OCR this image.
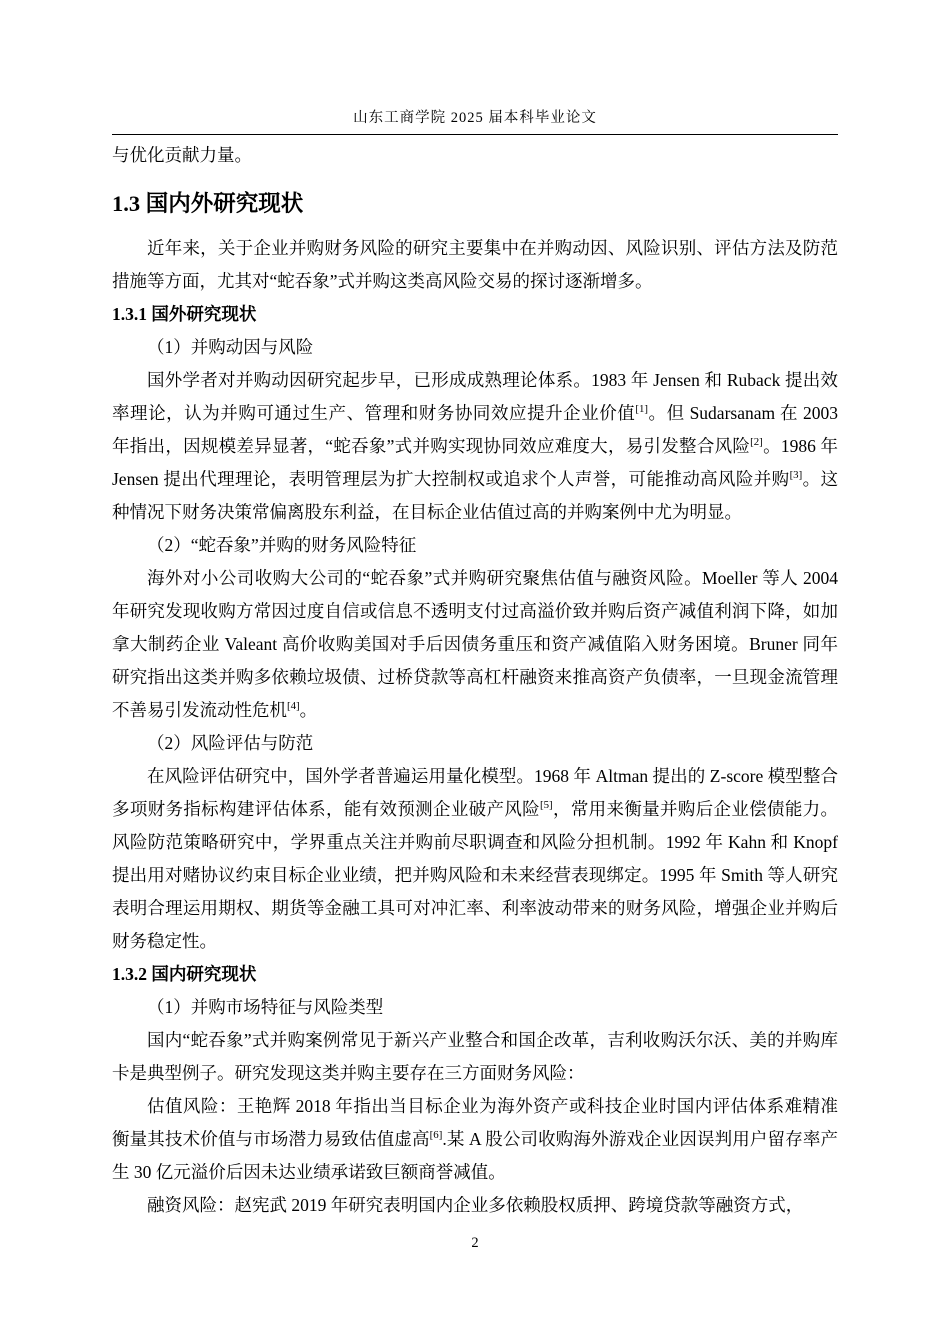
山东工商学院 2025 届本科毕业论文

与优化贡献力量。

1.3 国内外研究现状

近年来，关于企业并购财务风险的研究主要集中在并购动因、风险识别、评估方法及防范措施等方面，尤其对“蛇吞象”式并购这类高风险交易的探讨逐渐增多。

1.3.1 国外研究现状

（1）并购动因与风险

国外学者对并购动因研究起步早，已形成成熟理论体系。1983 年 Jensen 和 Ruback 提出效率理论，认为并购可通过生产、管理和财务协同效应提升企业价值[1]。但 Sudarsanam 在 2003 年指出，因规模差异显著，“蛇吞象”式并购实现协同效应难度大，易引发整合风险[2]。1986 年 Jensen 提出代理理论，表明管理层为扩大控制权或追求个人声誉，可能推动高风险并购[3]。这种情况下财务决策常偏离股东利益，在目标企业估值过高的并购案例中尤为明显。

（2）“蛇吞象”并购的财务风险特征

海外对小公司收购大公司的“蛇吞象”式并购研究聚焦估值与融资风险。Moeller 等人 2004 年研究发现收购方常因过度自信或信息不透明支付过高溢价致并购后资产减值利润下降，如加拿大制药企业 Valeant 高价收购美国对手后因债务重压和资产减值陷入财务困境。Bruner 同年研究指出这类并购多依赖垃圾债、过桥贷款等高杠杆融资来推高资产负债率，一旦现金流管理不善易引发流动性危机[4]。

（2）风险评估与防范

在风险评估研究中，国外学者普遍运用量化模型。1968 年 Altman 提出的 Z-score 模型整合多项财务指标构建评估体系，能有效预测企业破产风险[5]，常用来衡量并购后企业偿债能力。风险防范策略研究中，学界重点关注并购前尽职调查和风险分担机制。1992 年 Kahn 和 Knopf 提出用对赌协议约束目标企业业绩，把并购风险和未来经营表现绑定。1995 年 Smith 等人研究表明合理运用期权、期货等金融工具可对冲汇率、利率波动带来的财务风险，增强企业并购后财务稳定性。

1.3.2 国内研究现状

（1）并购市场特征与风险类型

国内“蛇吞象”式并购案例常见于新兴产业整合和国企改革，吉利收购沃尔沃、美的并购库卡是典型例子。研究发现这类并购主要存在三方面财务风险：

估值风险：王艳辉 2018 年指出当目标企业为海外资产或科技企业时国内评估体系难精准衡量其技术价值与市场潜力易致估值虚高[6].某 A 股公司收购海外游戏企业因误判用户留存率产生 30 亿元溢价后因未达业绩承诺致巨额商誉减值。

融资风险：赵宪武 2019 年研究表明国内企业多依赖股权质押、跨境贷款等融资方式，

2
